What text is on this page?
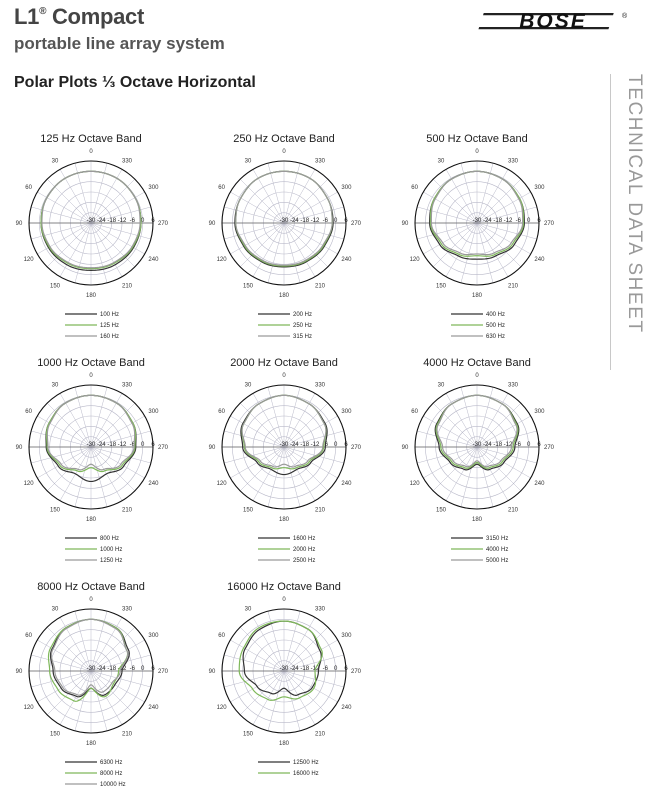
L1® Compact
portable line array system
Polar Plots ⅓ Octave Horizontal
BOSE	®
TECHNICAL DATA SHEET
125 Hz Octave Band
0
30
60
90
120
150
180
210
240
270
300
330
-30 -24 -18 -12 -6 0 6
100 Hz
125 Hz
160 Hz
250 Hz Octave Band
0
30
60
90
120
150
180
210
240
270
300
330
-30 -24 -18 -12 -6 0 6
200 Hz
250 Hz
315 Hz
500 Hz Octave Band
0
30
60
90
120
150
180
210
240
270
300
330
-30 -24 -18 -12 -6 0 6
400 Hz
500 Hz
630 Hz
1000 Hz Octave Band
0
30
60
90
120
150
180
210
240
270
300
330
-30 -24 -18 -12 -6 0 6
800 Hz
1000 Hz
1250 Hz
2000 Hz Octave Band
0
30
60
90
120
150
180
210
240
270
300
330
-30 -24 -18 -12 -6 0 6
1600 Hz
2000 Hz
2500 Hz
4000 Hz Octave Band
0
30
60
90
120
150
180
210
240
270
300
330
-30 -24 -18 -12 -6 0 6
3150 Hz
4000 Hz
5000 Hz
8000 Hz Octave Band
0
30
60
90
120
150
180
210
240
270
300
330
-30 -24 -18 -12 -6 0 6
6300 Hz
8000 Hz
10000 Hz
16000 Hz Octave Band
0
30
60
90
120
150
180
210
240
270
300
330
-30 -24 -18 -12 -6 0 6
12500 Hz
16000 Hz
